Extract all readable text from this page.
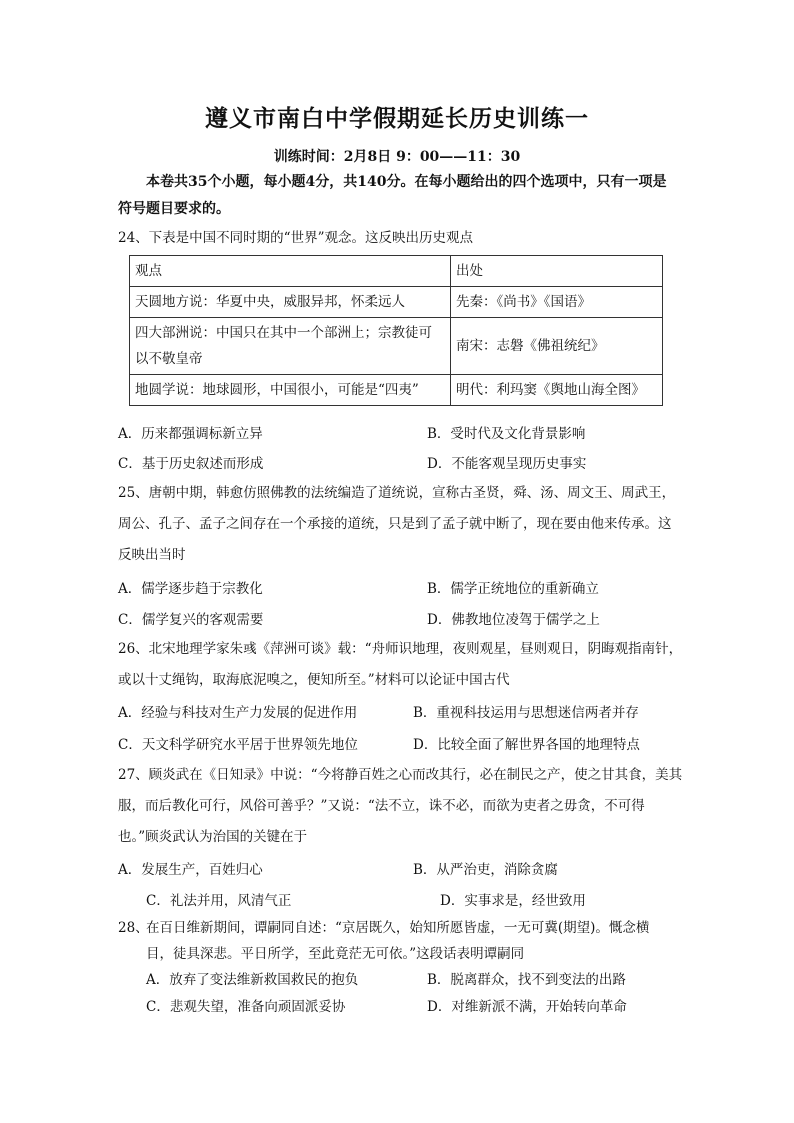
遵义市南白中学假期延长历史训练一
训练时间：2月8日 9：00——11：30
本卷共35个小题，每小题4分，共140分。在每小题给出的四个选项中，只有一项是符号题目要求的。
24、下表是中国不同时期的“世界”观念。这反映出历史观点
观点	出处
天圆地方说：华夏中央，威服异邦，怀柔远人	先秦：《尚书》《国语》
四大部洲说：中国只在其中一个部洲上；宗教徒可以不敬皇帝	南宋：志磐《佛祖统纪》
地圆学说：地球圆形，中国很小，可能是“四夷”	明代：利玛窦《舆地山海全图》
A．历来都强调标新立异	B．受时代及文化背景影响
C．基于历史叙述而形成	D．不能客观呈现历史事实
25、唐朝中期，韩愈仿照佛教的法统编造了道统说，宣称古圣贤，舜、汤、周文王、周武王，周公、孔子、孟子之间存在一个承接的道统，只是到了孟子就中断了，现在要由他来传承。这反映出当时
A．儒学逐步趋于宗教化	B．儒学正统地位的重新确立
C．儒学复兴的客观需要	D．佛教地位凌驾于儒学之上
26、北宋地理学家朱彧《萍洲可谈》载：“舟师识地理，夜则观星，昼则观日，阴晦观指南针，或以十丈绳钩，取海底泥嗅之，便知所至。”材料可以论证中国古代
A．经验与科技对生产力发展的促进作用	B．重视科技运用与思想迷信两者并存
C．天文科学研究水平居于世界领先地位	D．比较全面了解世界各国的地理特点
27、顾炎武在《日知录》中说：“今将静百姓之心而改其行，必在制民之产，使之甘其食，美其服，而后教化可行，风俗可善乎？”又说：“法不立，诛不必，而欲为吏者之毋贪，不可得也。”顾炎武认为治国的关键在于
A．发展生产，百姓归心	B．从严治吏，消除贪腐
C．礼法并用，风清气正	D．实事求是，经世致用
28、
在百日维新期间，谭嗣同自述：“京居既久，始知所愿皆虚，一无可冀(期望)。慨念横目，徒具深悲。平日所学，至此竟茫无可依。”这段话表明谭嗣同
A．放弃了变法维新救国救民的抱负	B．脱离群众，找不到变法的出路
C．悲观失望，准备向顽固派妥协	D．对维新派不满，开始转向革命
